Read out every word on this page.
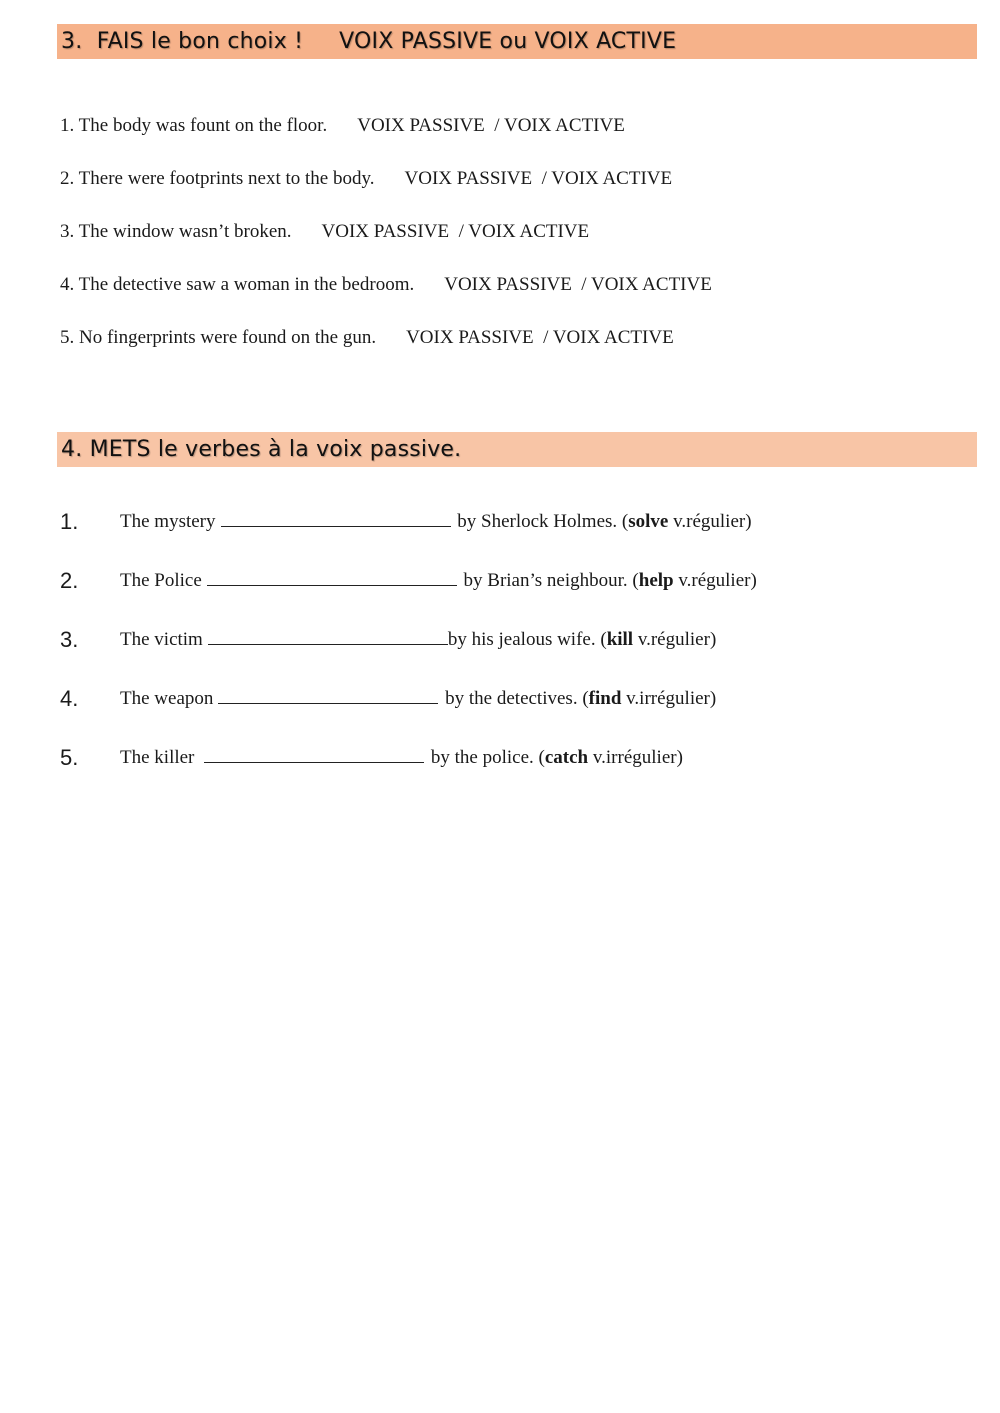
3. FAIS le bon choix ! VOIX PASSIVE ou VOIX ACTIVE
1. The body was fount on the floor. VOIX PASSIVE  / VOIX ACTIVE
2. There were footprints next to the body. VOIX PASSIVE  / VOIX ACTIVE
3. The window wasn’t broken. VOIX PASSIVE  / VOIX ACTIVE
4. The detective saw a woman in the bedroom. VOIX PASSIVE  / VOIX ACTIVE
5. No fingerprints were found on the gun. VOIX PASSIVE  / VOIX ACTIVE
4. METS le verbes à la voix passive.
1. The mystery	by Sherlock Holmes. (solve v.régulier)
2. The Police	by Brian’s neighbour. (help v.régulier)
3. The victim	by his jealous wife. (kill v.régulier)
4. The weapon	by the detectives. (find v.irrégulier)
5. The killer	by the police. (catch v.irrégulier)
